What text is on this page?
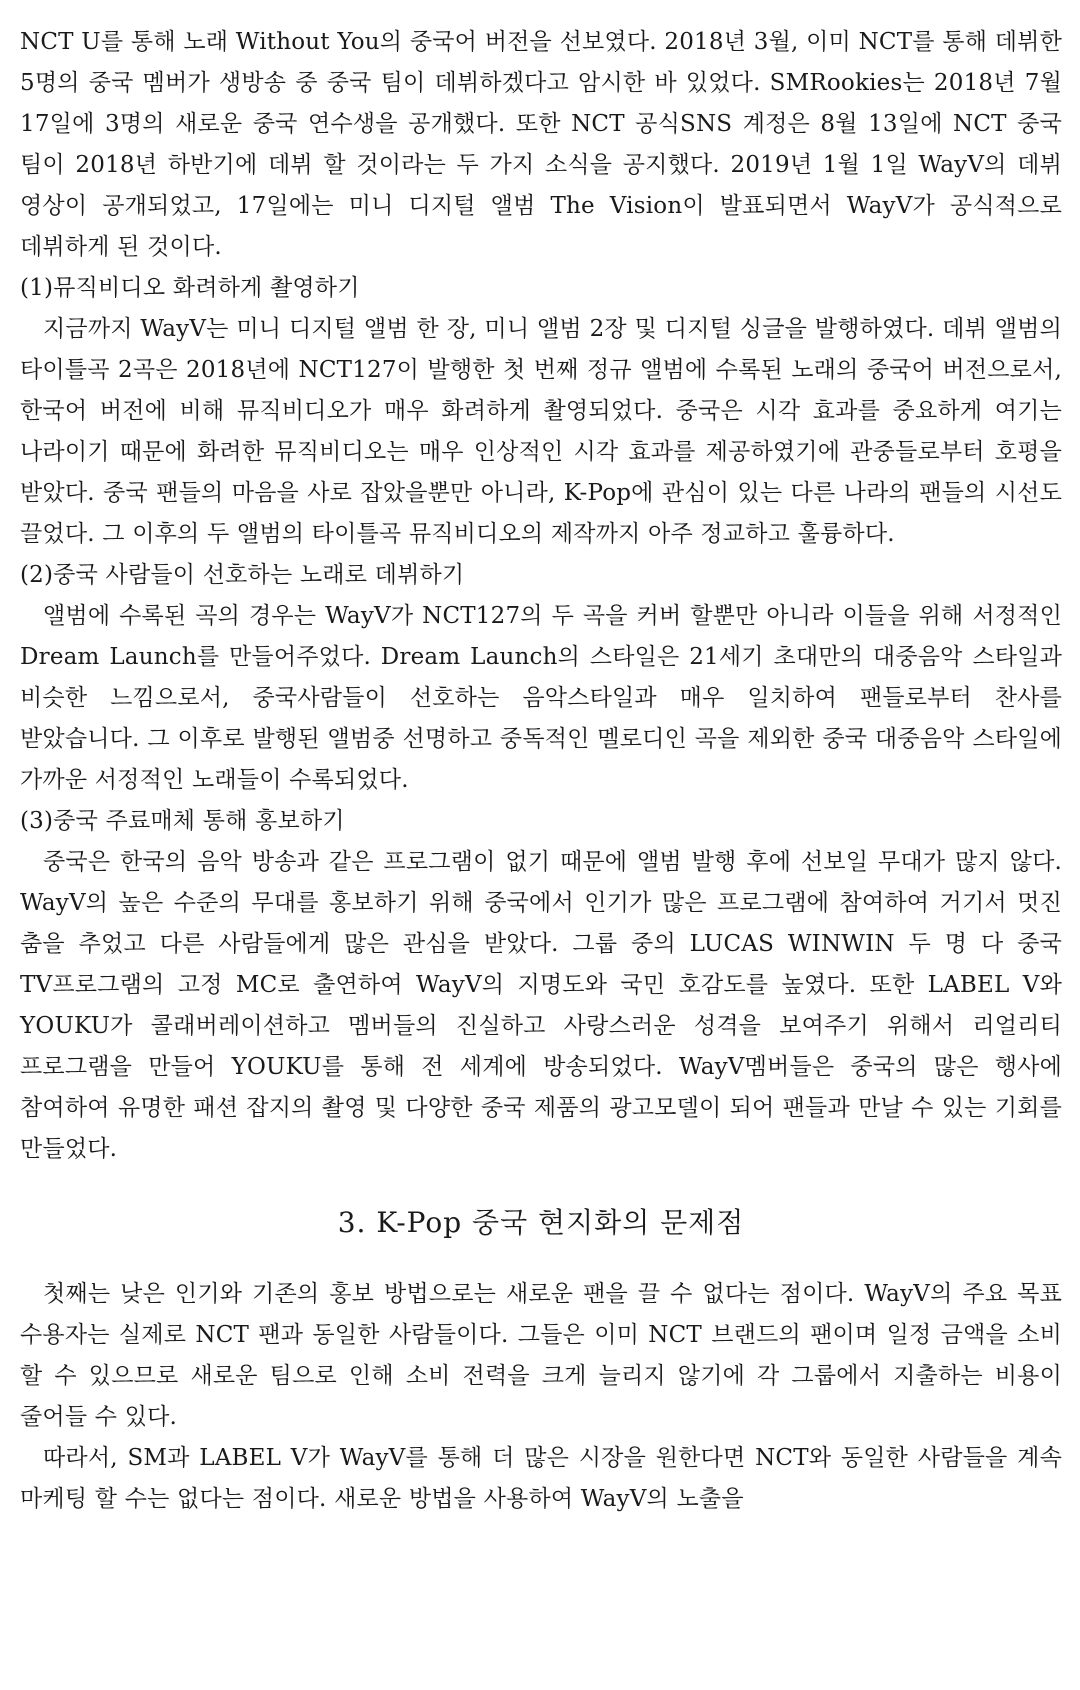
NCT U를 통해 노래 Without You의 중국어 버전을 선보였다. 2018년 3월, 이미 NCT를 통해 데뷔한 5명의 중국 멤버가 생방송 중 중국 팀이 데뷔하겠다고 암시한 바 있었다. SMRookies는 2018년 7월 17일에 3명의 새로운 중국 연수생을 공개했다. 또한 NCT 공식SNS 계정은 8월 13일에 NCT 중국 팀이 2018년 하반기에 데뷔 할 것이라는 두 가지 소식을 공지했다. 2019년 1월 1일 WayV의 데뷔 영상이 공개되었고, 17일에는 미니 디지털 앨범 The Vision이 발표되면서 WayV가 공식적으로 데뷔하게 된 것이다.

(1)뮤직비디오 화려하게 촬영하기

지금까지 WayV는 미니 디지털 앨범 한 장, 미니 앨범 2장 및 디지털 싱글을 발행하였다. 데뷔 앨범의 타이틀곡 2곡은 2018년에 NCT127이 발행한 첫 번째 정규 앨범에 수록된 노래의 중국어 버전으로서, 한국어 버전에 비해 뮤직비디오가 매우 화려하게 촬영되었다. 중국은 시각 효과를 중요하게 여기는 나라이기 때문에 화려한 뮤직비디오는 매우 인상적인 시각 효과를 제공하였기에 관중들로부터 호평을 받았다. 중국 팬들의 마음을 사로 잡았을뿐만 아니라, K-Pop에 관심이 있는 다른 나라의 팬들의 시선도 끌었다. 그 이후의 두 앨범의 타이틀곡 뮤직비디오의 제작까지 아주 정교하고 훌륭하다.

(2)중국 사람들이 선호하는 노래로 데뷔하기

앨범에 수록된 곡의 경우는 WayV가 NCT127의 두 곡을 커버 할뿐만 아니라 이들을 위해 서정적인 Dream Launch를 만들어주었다. Dream Launch의 스타일은 21세기 초대만의 대중음악 스타일과 비슷한 느낌으로서, 중국사람들이 선호하는 음악스타일과 매우 일치하여 팬들로부터 찬사를 받았습니다. 그 이후로 발행된 앨범중 선명하고 중독적인 멜로디인 곡을 제외한 중국 대중음악 스타일에 가까운 서정적인 노래들이 수록되었다.

(3)중국 주료매체 통해 홍보하기

중국은 한국의 음악 방송과 같은 프로그램이 없기 때문에 앨범 발행 후에 선보일 무대가 많지 않다. WayV의 높은 수준의 무대를 홍보하기 위해 중국에서 인기가 많은 프로그램에 참여하여 거기서 멋진 춤을 추었고 다른 사람들에게 많은 관심을 받았다. 그룹 중의 LUCAS WINWIN 두 명 다 중국 TV프로그램의 고정 MC로 출연하여 WayV의 지명도와 국민 호감도를 높였다. 또한 LABEL V와 YOUKU가 콜래버레이션하고 멤버들의 진실하고 사랑스러운 성격을 보여주기 위해서 리얼리티 프로그램을 만들어 YOUKU를 통해 전 세계에 방송되었다. WayV멤버들은 중국의 많은 행사에 참여하여 유명한 패션 잡지의 촬영 및 다양한 중국 제품의 광고모델이 되어 팬들과 만날 수 있는 기회를 만들었다.

3. K-Pop 중국 현지화의 문제점

첫째는 낮은 인기와 기존의 홍보 방법으로는 새로운 팬을 끌 수 없다는 점이다. WayV의 주요 목표 수용자는 실제로 NCT 팬과 동일한 사람들이다. 그들은 이미 NCT 브랜드의 팬이며 일정 금액을 소비 할 수 있으므로 새로운 팀으로 인해 소비 전력을 크게 늘리지 않기에 각 그룹에서 지출하는 비용이 줄어들 수 있다.

따라서, SM과 LABEL V가 WayV를 통해 더 많은 시장을 원한다면 NCT와 동일한 사람들을 계속 마케팅 할 수는 없다는 점이다. 새로운 방법을 사용하여 WayV의 노출을
